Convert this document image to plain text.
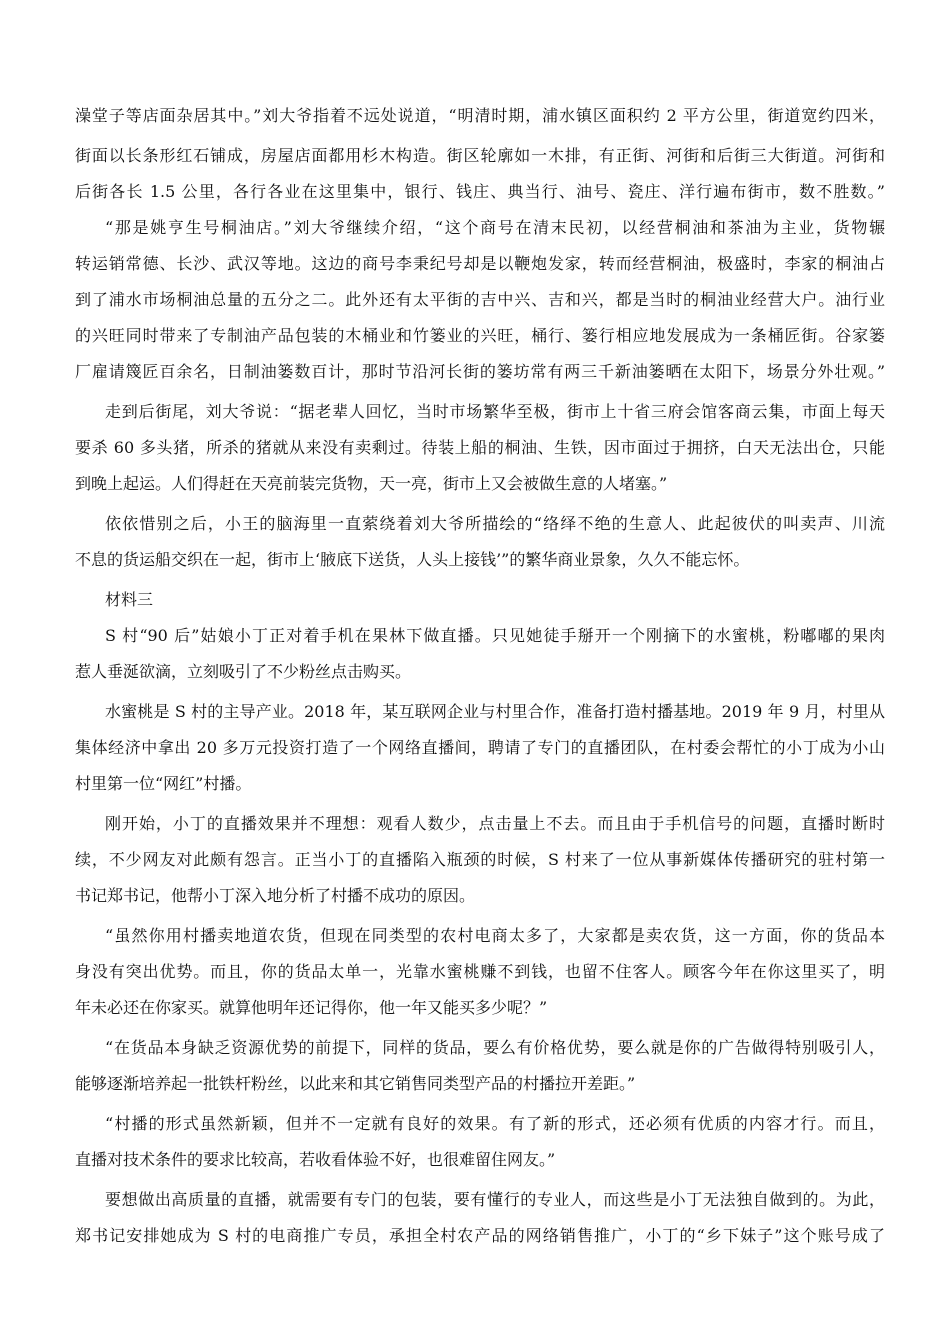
澡堂子等店面杂居其中。”刘大爷指着不远处说道，“明清时期，浦水镇区面积约 2 平方公里，街道宽约四米，
街面以长条形红石铺成，房屋店面都用杉木构造。街区轮廓如一木排，有正街、河街和后街三大街道。河街和
后街各长 1.5 公里，各行各业在这里集中，银行、钱庄、典当行、油号、瓷庄、洋行遍布街市，数不胜数。”
“那是姚亨生号桐油店。”刘大爷继续介绍，“这个商号在清末民初，以经营桐油和茶油为主业，货物辗
转运销常德、长沙、武汉等地。这边的商号李秉纪号却是以鞭炮发家，转而经营桐油，极盛时，李家的桐油占
到了浦水市场桐油总量的五分之二。此外还有太平街的吉中兴、吉和兴，都是当时的桐油业经营大户。油行业
的兴旺同时带来了专制油产品包装的木桶业和竹篓业的兴旺，桶行、篓行相应地发展成为一条桶匠街。谷家篓
厂雇请篾匠百余名，日制油篓数百计，那时节沿河长街的篓坊常有两三千新油篓晒在太阳下，场景分外壮观。”
走到后街尾，刘大爷说：“据老辈人回忆，当时市场繁华至极，街市上十省三府会馆客商云集，市面上每天
要杀 60 多头猪，所杀的猪就从来没有卖剩过。待装上船的桐油、生铁，因市面过于拥挤，白天无法出仓，只能
到晚上起运。人们得赶在天亮前装完货物，天一亮，街市上又会被做生意的人堵塞。”
依依惜别之后，小王的脑海里一直萦绕着刘大爷所描绘的“络绎不绝的生意人、此起彼伏的叫卖声、川流
不息的货运船交织在一起，街市上‘腋底下送货，人头上接钱’”的繁华商业景象，久久不能忘怀。
材料三
S 村“90 后”姑娘小丁正对着手机在果林下做直播。只见她徒手掰开一个刚摘下的水蜜桃，粉嘟嘟的果肉
惹人垂涎欲滴，立刻吸引了不少粉丝点击购买。
水蜜桃是 S 村的主导产业。2018 年，某互联网企业与村里合作，准备打造村播基地。2019 年 9 月，村里从
集体经济中拿出 20 多万元投资打造了一个网络直播间，聘请了专门的直播团队，在村委会帮忙的小丁成为小山
村里第一位“网红”村播。
刚开始，小丁的直播效果并不理想：观看人数少，点击量上不去。而且由于手机信号的问题，直播时断时
续，不少网友对此颇有怨言。正当小丁的直播陷入瓶颈的时候，S 村来了一位从事新媒体传播研究的驻村第一
书记郑书记，他帮小丁深入地分析了村播不成功的原因。
“虽然你用村播卖地道农货，但现在同类型的农村电商太多了，大家都是卖农货，这一方面，你的货品本
身没有突出优势。而且，你的货品太单一，光靠水蜜桃赚不到钱，也留不住客人。顾客今年在你这里买了，明
年未必还在你家买。就算他明年还记得你，他一年又能买多少呢？”
“在货品本身缺乏资源优势的前提下，同样的货品，要么有价格优势，要么就是你的广告做得特别吸引人，
能够逐渐培养起一批铁杆粉丝，以此来和其它销售同类型产品的村播拉开差距。”
“村播的形式虽然新颖，但并不一定就有良好的效果。有了新的形式，还必须有优质的内容才行。而且，
直播对技术条件的要求比较高，若收看体验不好，也很难留住网友。”
要想做出高质量的直播，就需要有专门的包装，要有懂行的专业人，而这些是小丁无法独自做到的。为此，
郑书记安排她成为 S 村的电商推广专员，承担全村农产品的网络销售推广，小丁的“乡下妹子”这个账号成了
